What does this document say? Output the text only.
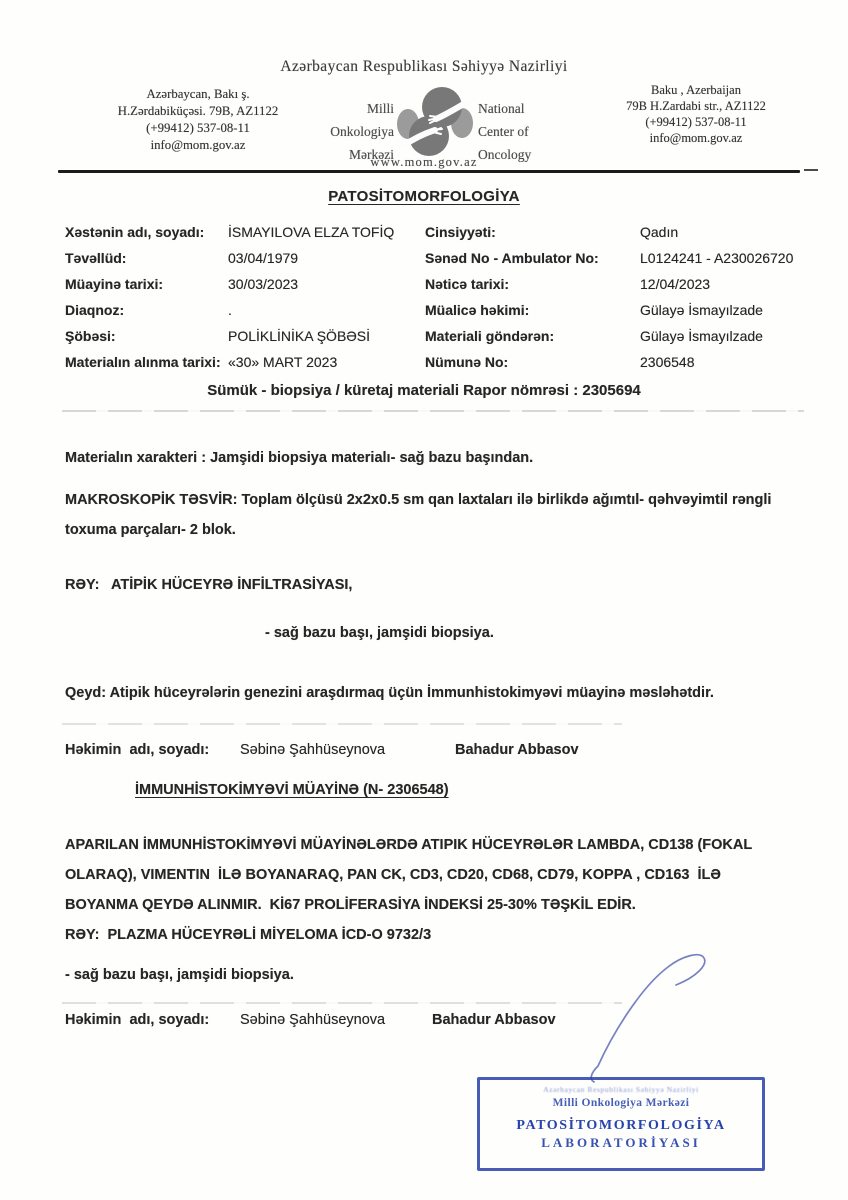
Azərbaycan Respublikası Səhiyyə Nazirliyi
Azərbaycan, Bakı ş.
H.Zərdabiküçəsi. 79B, AZ1122
(+99412) 537-08-11
info@mom.gov.az
Milli
Onkologiya
Mərkəzi
National
Center of
Oncology
www.mom.gov.az
Baku , Azerbaijan
79B H.Zardabi str., AZ1122
(+99412) 537-08-11
info@mom.gov.az
PATOSİTOMORFOLOGİYA
Xəstənin adı, soyadı:	İSMAYILOVA ELZA TOFİQ	Cinsiyyəti:	Qadın
Təvəllüd:	03/04/1979	Sənəd No - Ambulator No:	L0124241 - A230026720
Müayinə tarixi:	30/03/2023	Nəticə tarixi:	12/04/2023
Diaqnoz:	.	Müalicə həkimi:	Gülayə İsmayılzade
Şöbəsi:	POLİKLİNİKA ŞÖBƏSİ	Materiali göndərən:	Gülayə İsmayılzade
Materialın alınma tarixi: «30» MART 2023	Nümunə No:	2306548
Sümük - biopsiya / küretaj materiali Rapor nömrəsi : 2305694
Materialın xarakteri : Jamşidi biopsiya materialı- sağ bazu başından.
MAKROSKOPİK TƏSVİR: Toplam ölçüsü 2x2x0.5 sm qan laxtaları ilə birlikdə ağımtıl- qəhvəyimtil rəngli toxuma parçaları- 2 blok.
RƏY:   ATİPİK HÜCEYRƏ İNFİLTRASİYASI,
- sağ bazu başı, jamşidi biopsiya.
Qeyd: Atipik hüceyrələrin genezini araşdırmaq üçün İmmunhistokimyəvi müayinə məsləhətdir.
Həkimin  adı, soyadı: Səbinə Şahhüseynova	Bahadur Abbasov
İMMUNHİSTOKİMYƏVİ MÜAYİNƏ (N- 2306548)
APARILAN İMMUNHİSTOKİMYƏVİ MÜAYİNƏLƏRDƏ ATIPIK HÜCEYRƏLƏR LAMBDA, CD138 (FOKAL OLARAQ), VIMENTIN  İLƏ BOYANARAQ, PAN CK, CD3, CD20, CD68, CD79, KOPPA , CD163  İLƏ BOYANMA QEYDƏ ALINMIR.  Kİ67 PROLİFERASİYA İNDEKSİ 25-30% TƏŞKİL EDİR.
RƏY:  PLAZMA HÜCEYRƏLİ MİYELOMA İCD-O 9732/3
- sağ bazu başı, jamşidi biopsiya.
Həkimin  adı, soyadı: Səbinə Şahhüseynova	Bahadur Abbasov
Azərbaycan Respublikası Səhiyyə Nazirliyi
Milli Onkologiya Mərkəzi
PATOSİTOMORFOLOGİYA
LABORATORİYASI
